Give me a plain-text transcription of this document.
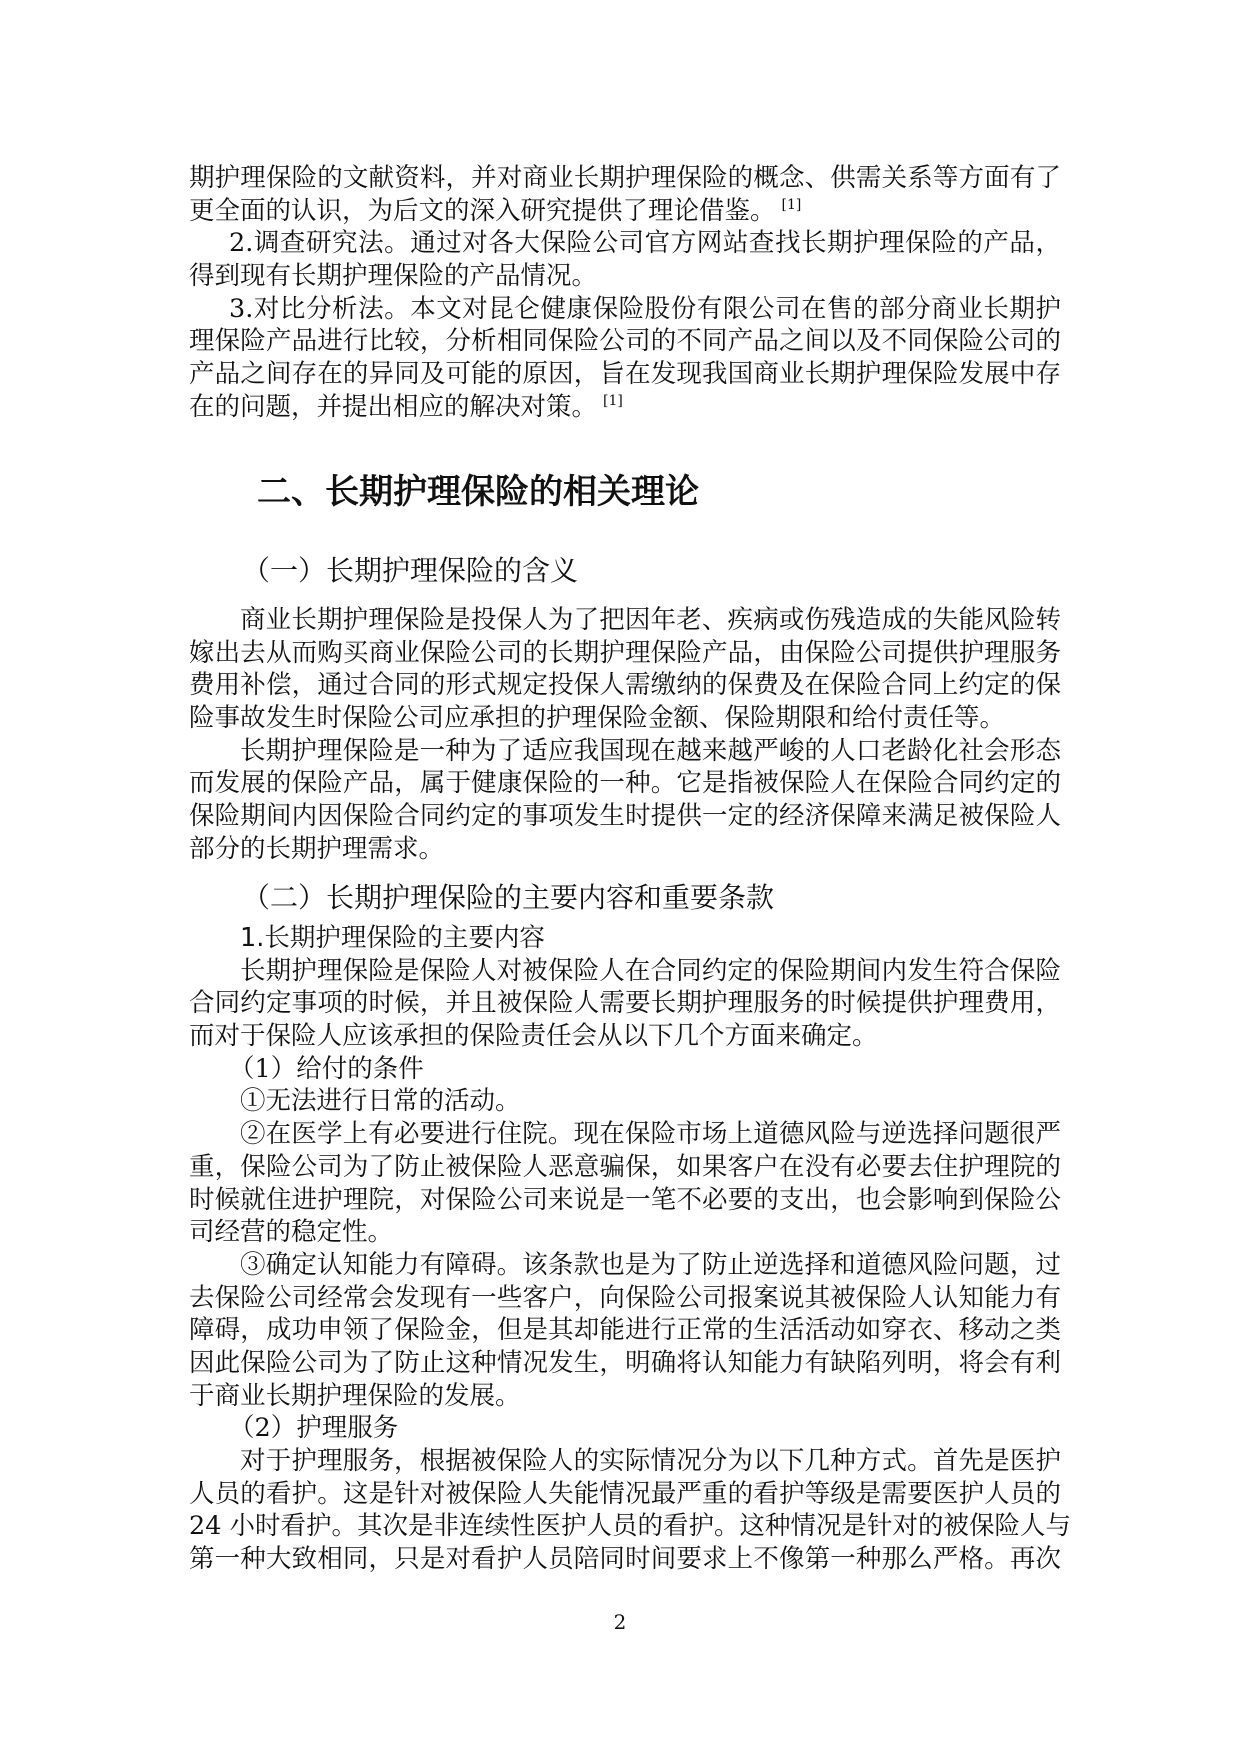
期护理保险的文献资料，并对商业长期护理保险的概念、供需关系等方面有了
更全面的认识，为后文的深入研究提供了理论借鉴。 [1]
2.调查研究法。通过对各大保险公司官方网站查找长期护理保险的产品，
得到现有长期护理保险的产品情况。
3.对比分析法。本文对昆仑健康保险股份有限公司在售的部分商业长期护
理保险产品进行比较，分析相同保险公司的不同产品之间以及不同保险公司的
产品之间存在的异同及可能的原因，旨在发现我国商业长期护理保险发展中存
在的问题，并提出相应的解决对策。 [1]
二、长期护理保险的相关理论
（一）长期护理保险的含义
商业长期护理保险是投保人为了把因年老、疾病或伤残造成的失能风险转
嫁出去从而购买商业保险公司的长期护理保险产品，由保险公司提供护理服务
费用补偿，通过合同的形式规定投保人需缴纳的保费及在保险合同上约定的保
险事故发生时保险公司应承担的护理保险金额、保险期限和给付责任等。
长期护理保险是一种为了适应我国现在越来越严峻的人口老龄化社会形态
而发展的保险产品，属于健康保险的一种。它是指被保险人在保险合同约定的
保险期间内因保险合同约定的事项发生时提供一定的经济保障来满足被保险人
部分的长期护理需求。
（二）长期护理保险的主要内容和重要条款
1.长期护理保险的主要内容
长期护理保险是保险人对被保险人在合同约定的保险期间内发生符合保险
合同约定事项的时候，并且被保险人需要长期护理服务的时候提供护理费用，
而对于保险人应该承担的保险责任会从以下几个方面来确定。
（1）给付的条件
①无法进行日常的活动。
②在医学上有必要进行住院。现在保险市场上道德风险与逆选择问题很严
重，保险公司为了防止被保险人恶意骗保，如果客户在没有必要去住护理院的
时候就住进护理院，对保险公司来说是一笔不必要的支出，也会影响到保险公
司经营的稳定性。
③确定认知能力有障碍。该条款也是为了防止逆选择和道德风险问题，过
去保险公司经常会发现有一些客户，向保险公司报案说其被保险人认知能力有
障碍，成功申领了保险金，但是其却能进行正常的生活活动如穿衣、移动之类
因此保险公司为了防止这种情况发生，明确将认知能力有缺陷列明，将会有利
于商业长期护理保险的发展。
（2）护理服务
对于护理服务，根据被保险人的实际情况分为以下几种方式。首先是医护
人员的看护。这是针对被保险人失能情况最严重的看护等级是需要医护人员的
24 小时看护。其次是非连续性医护人员的看护。这种情况是针对的被保险人与
第一种大致相同，只是对看护人员陪同时间要求上不像第一种那么严格。再次
2
